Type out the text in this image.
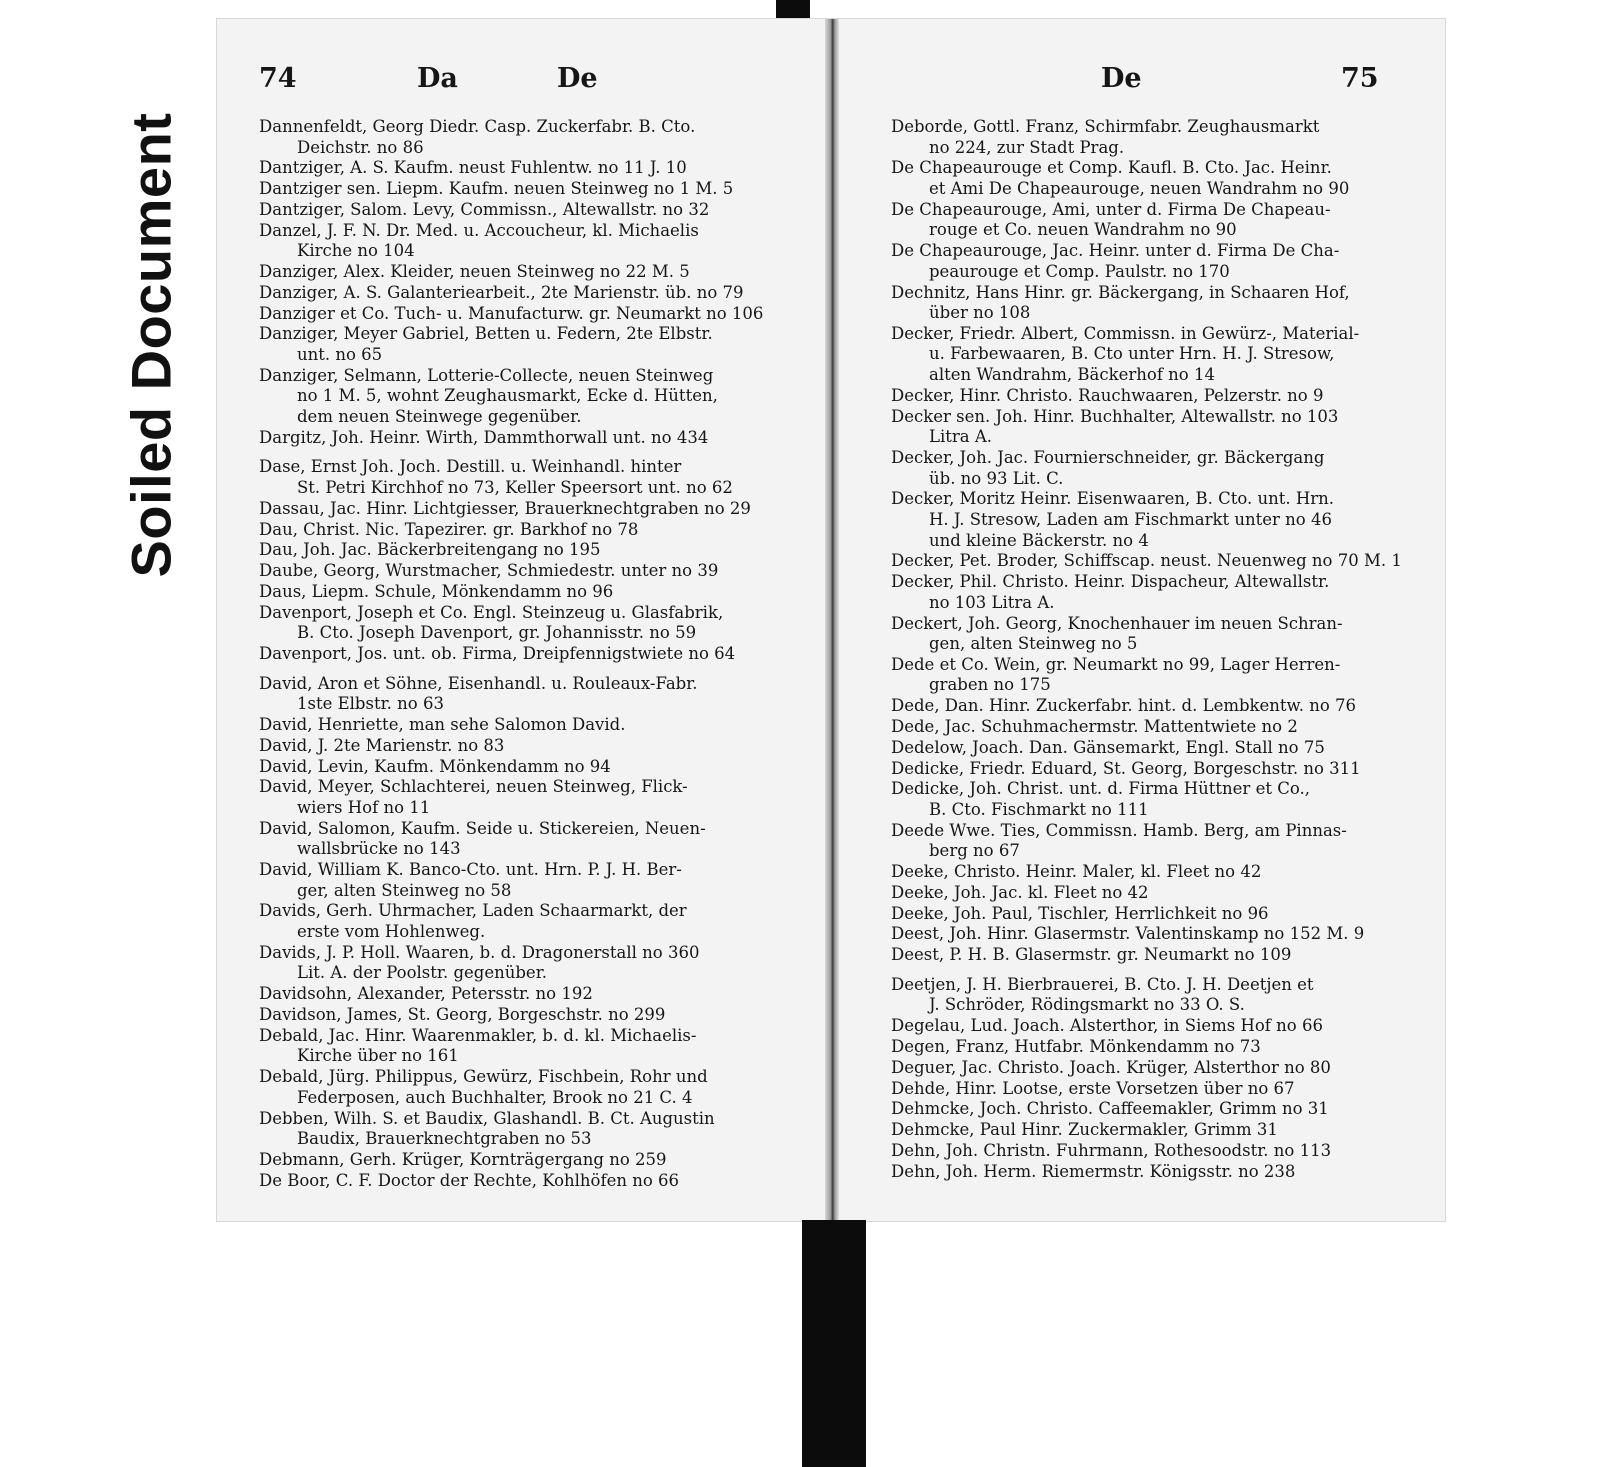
Soiled Document
74	Da	De
Dannenfeldt, Georg Diedr. Casp. Zuckerfabr. B. Cto.
Deichstr. no 86
Dantziger, A. S. Kaufm. neust Fuhlentw. no 11 J. 10
Dantziger sen. Liepm. Kaufm. neuen Steinweg no 1 M. 5
Dantziger, Salom. Levy, Commissn., Altewallstr. no 32
Danzel, J. F. N. Dr. Med. u. Accoucheur, kl. Michaelis
Kirche no 104
Danziger, Alex. Kleider, neuen Steinweg no 22 M. 5
Danziger, A. S. Galanteriearbeit., 2te Marienstr. üb. no 79
Danziger et Co. Tuch- u. Manufacturw. gr. Neumarkt no 106
Danziger, Meyer Gabriel, Betten u. Federn, 2te Elbstr.
unt. no 65
Danziger, Selmann, Lotterie-Collecte, neuen Steinweg
no 1 M. 5, wohnt Zeughausmarkt, Ecke d. Hütten,
dem neuen Steinwege gegenüber.
Dargitz, Joh. Heinr. Wirth, Dammthorwall unt. no 434
Dase, Ernst Joh. Joch. Destill. u. Weinhandl. hinter
St. Petri Kirchhof no 73, Keller Speersort unt. no 62
Dassau, Jac. Hinr. Lichtgiesser, Brauerknechtgraben no 29
Dau, Christ. Nic. Tapezirer. gr. Barkhof no 78
Dau, Joh. Jac. Bäckerbreitengang no 195
Daube, Georg, Wurstmacher, Schmiedestr. unter no 39
Daus, Liepm. Schule, Mönkendamm no 96
Davenport, Joseph et Co. Engl. Steinzeug u. Glasfabrik,
B. Cto. Joseph Davenport, gr. Johannisstr. no 59
Davenport, Jos. unt. ob. Firma, Dreipfennigstwiete no 64
David, Aron et Söhne, Eisenhandl. u. Rouleaux-Fabr.
1ste Elbstr. no 63
David, Henriette, man sehe Salomon David.
David, J. 2te Marienstr. no 83
David, Levin, Kaufm. Mönkendamm no 94
David, Meyer, Schlachterei, neuen Steinweg, Flick-
wiers Hof no 11
David, Salomon, Kaufm. Seide u. Stickereien, Neuen-
wallsbrücke no 143
David, William K. Banco-Cto. unt. Hrn. P. J. H. Ber-
ger, alten Steinweg no 58
Davids, Gerh. Uhrmacher, Laden Schaarmarkt, der
erste vom Hohlenweg.
Davids, J. P. Holl. Waaren, b. d. Dragonerstall no 360
Lit. A. der Poolstr. gegenüber.
Davidsohn, Alexander, Petersstr. no 192
Davidson, James, St. Georg, Borgeschstr. no 299
Debald, Jac. Hinr. Waarenmakler, b. d. kl. Michaelis-
Kirche über no 161
Debald, Jürg. Philippus, Gewürz, Fischbein, Rohr und
Federposen, auch Buchhalter, Brook no 21 C. 4
Debben, Wilh. S. et Baudix, Glashandl. B. Ct. Augustin
Baudix, Brauerknechtgraben no 53
Debmann, Gerh. Krüger, Kornträgergang no 259
De Boor, C. F. Doctor der Rechte, Kohlhöfen no 66
De	75
Deborde, Gottl. Franz, Schirmfabr. Zeughausmarkt
no 224, zur Stadt Prag.
De Chapeaurouge et Comp. Kaufl. B. Cto. Jac. Heinr.
et Ami De Chapeaurouge, neuen Wandrahm no 90
De Chapeaurouge, Ami, unter d. Firma De Chapeau-
rouge et Co. neuen Wandrahm no 90
De Chapeaurouge, Jac. Heinr. unter d. Firma De Cha-
peaurouge et Comp. Paulstr. no 170
Dechnitz, Hans Hinr. gr. Bäckergang, in Schaaren Hof,
über no 108
Decker, Friedr. Albert, Commissn. in Gewürz-, Material-
u. Farbewaaren, B. Cto unter Hrn. H. J. Stresow,
alten Wandrahm, Bäckerhof no 14
Decker, Hinr. Christo. Rauchwaaren, Pelzerstr. no 9
Decker sen. Joh. Hinr. Buchhalter, Altewallstr. no 103
Litra A.
Decker, Joh. Jac. Fournierschneider, gr. Bäckergang
üb. no 93 Lit. C.
Decker, Moritz Heinr. Eisenwaaren, B. Cto. unt. Hrn.
H. J. Stresow, Laden am Fischmarkt unter no 46
und kleine Bäckerstr. no 4
Decker, Pet. Broder, Schiffscap. neust. Neuenweg no 70 M. 1
Decker, Phil. Christo. Heinr. Dispacheur, Altewallstr.
no 103 Litra A.
Deckert, Joh. Georg, Knochenhauer im neuen Schran-
gen, alten Steinweg no 5
Dede et Co. Wein, gr. Neumarkt no 99, Lager Herren-
graben no 175
Dede, Dan. Hinr. Zuckerfabr. hint. d. Lembkentw. no 76
Dede, Jac. Schuhmachermstr. Mattentwiete no 2
Dedelow, Joach. Dan. Gänsemarkt, Engl. Stall no 75
Dedicke, Friedr. Eduard, St. Georg, Borgeschstr. no 311
Dedicke, Joh. Christ. unt. d. Firma Hüttner et Co.,
B. Cto. Fischmarkt no 111
Deede Wwe. Ties, Commissn. Hamb. Berg, am Pinnas-
berg no 67
Deeke, Christo. Heinr. Maler, kl. Fleet no 42
Deeke, Joh. Jac. kl. Fleet no 42
Deeke, Joh. Paul, Tischler, Herrlichkeit no 96
Deest, Joh. Hinr. Glasermstr. Valentinskamp no 152 M. 9
Deest, P. H. B. Glasermstr. gr. Neumarkt no 109
Deetjen, J. H. Bierbrauerei, B. Cto. J. H. Deetjen et
J. Schröder, Rödingsmarkt no 33 O. S.
Degelau, Lud. Joach. Alsterthor, in Siems Hof no 66
Degen, Franz, Hutfabr. Mönkendamm no 73
Deguer, Jac. Christo. Joach. Krüger, Alsterthor no 80
Dehde, Hinr. Lootse, erste Vorsetzen über no 67
Dehmcke, Joch. Christo. Caffeemakler, Grimm no 31
Dehmcke, Paul Hinr. Zuckermakler, Grimm 31
Dehn, Joh. Christn. Fuhrmann, Rothesoodstr. no 113
Dehn, Joh. Herm. Riemermstr. Königsstr. no 238
